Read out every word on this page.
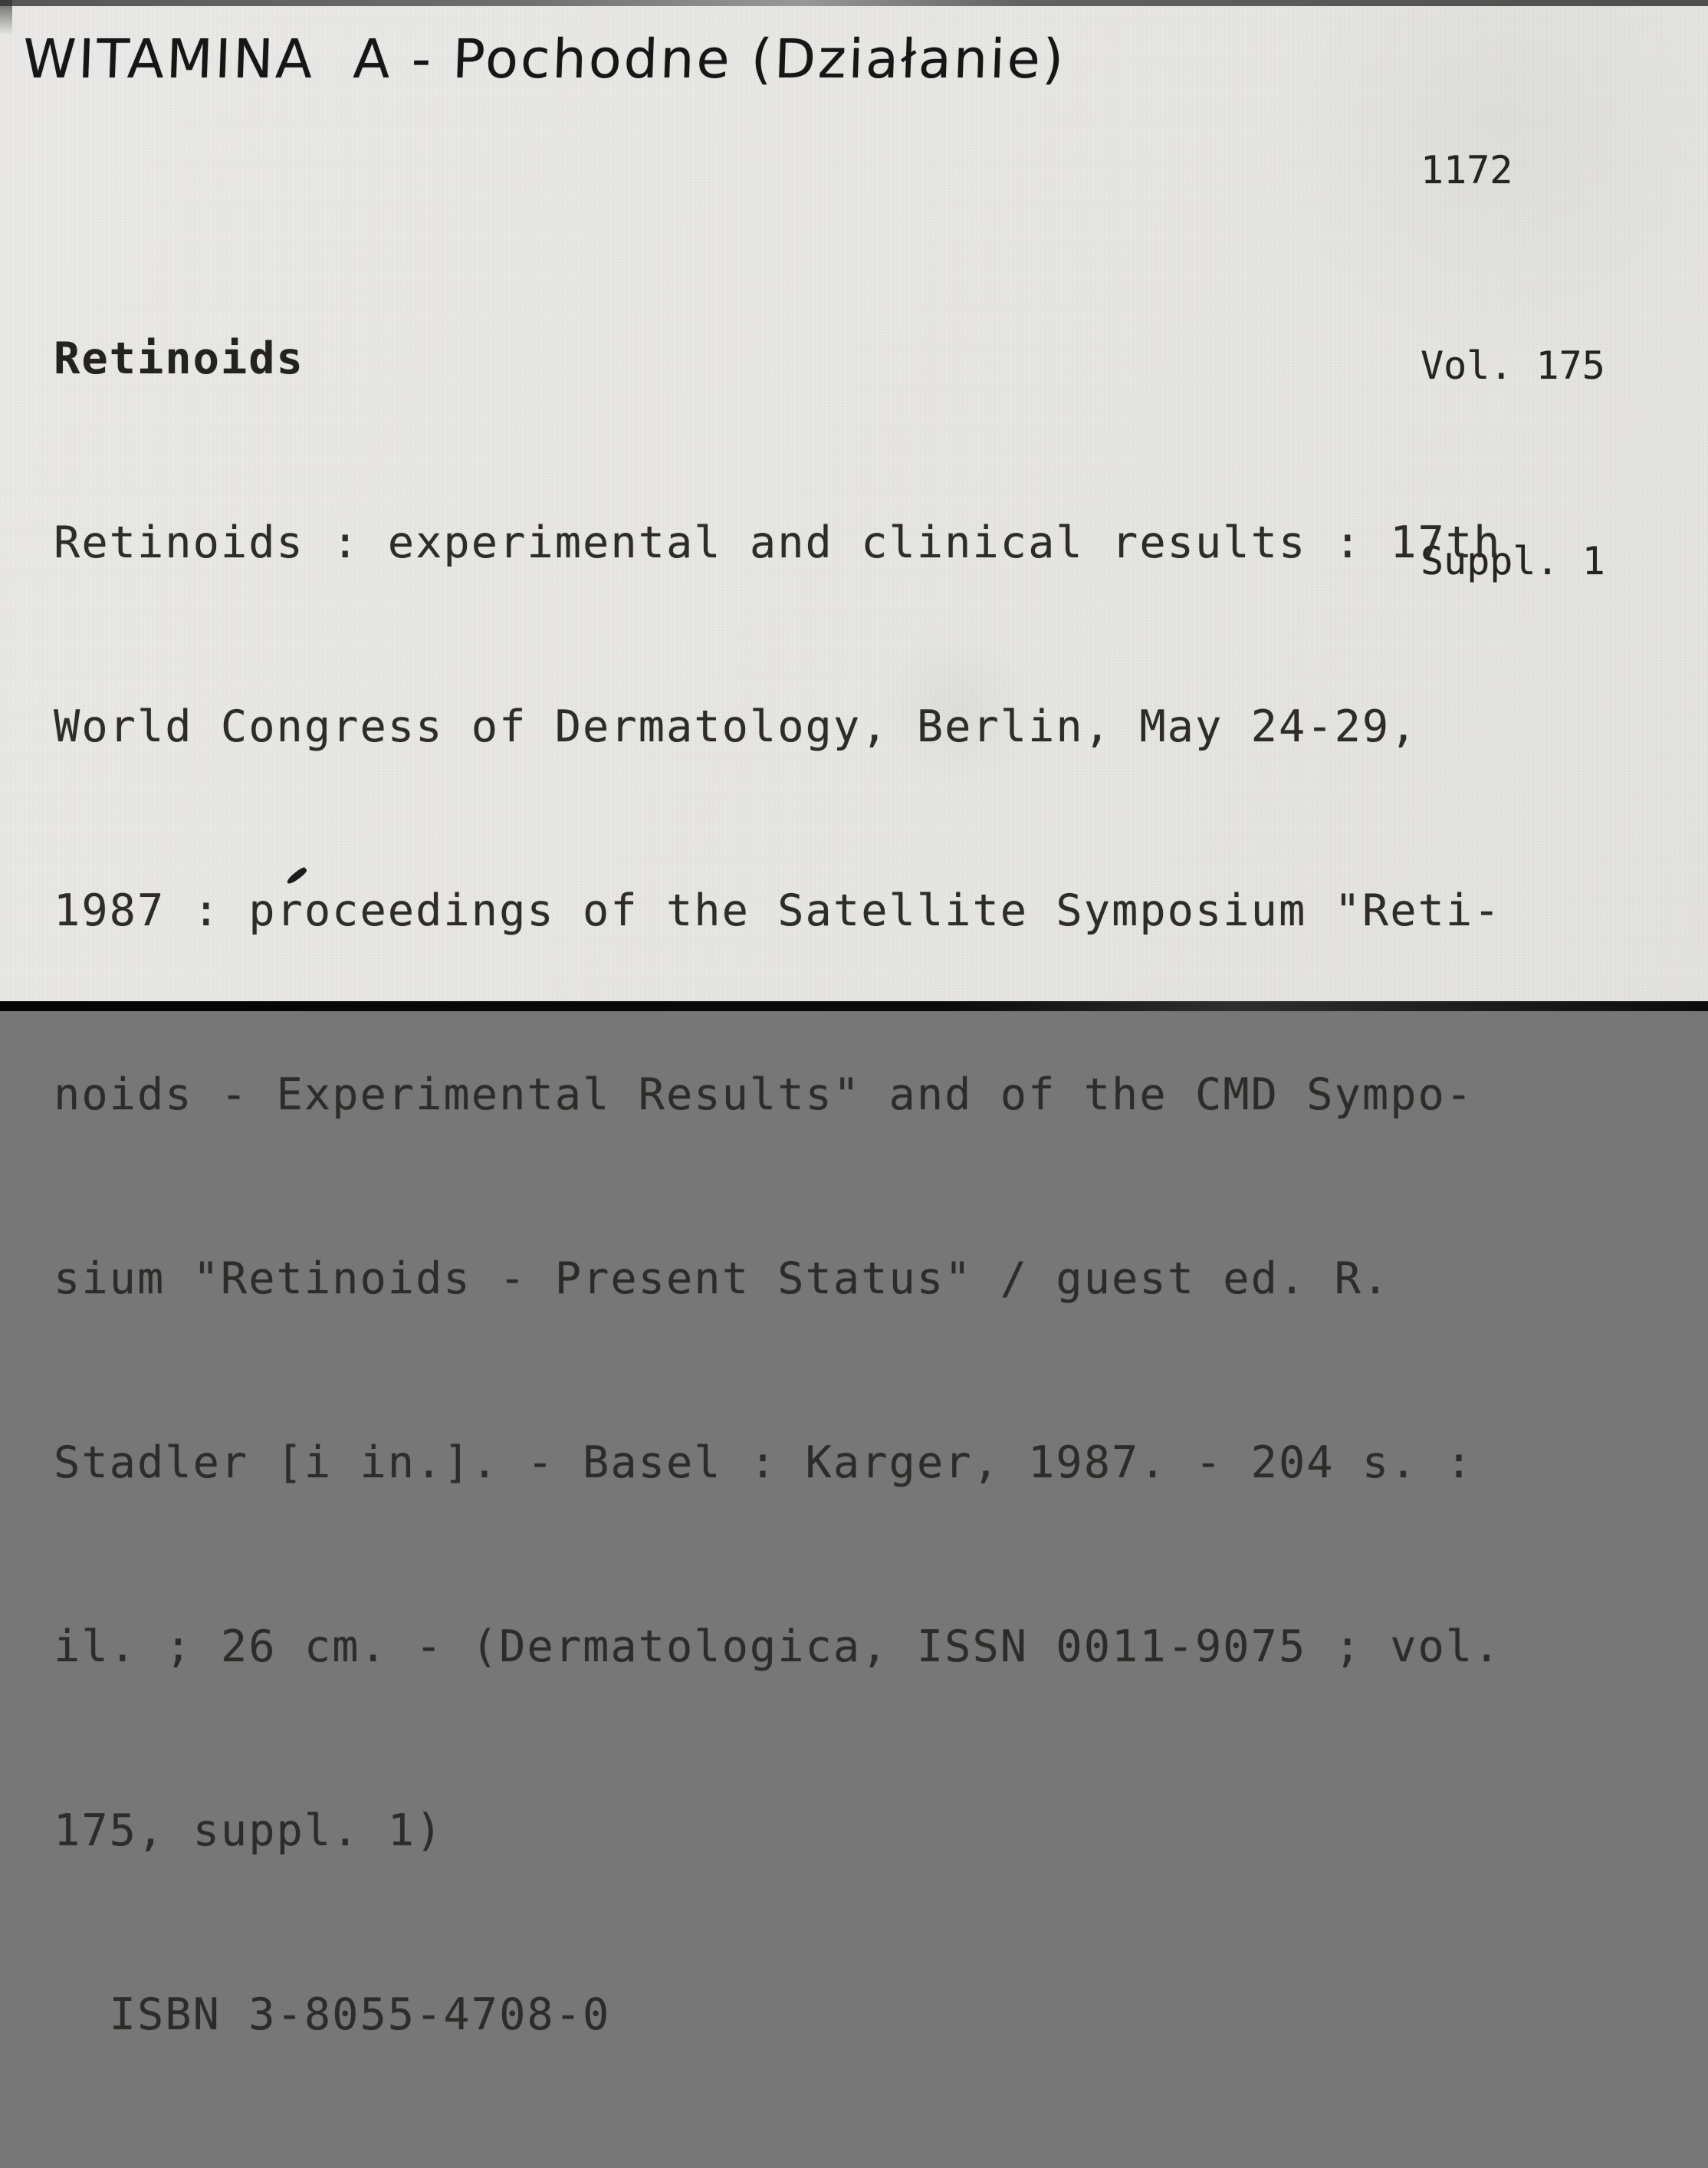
WITAMINA  A - Pochodne (Działanie)

1172

Vol. 175

Suppl. 1

Retinoids

Retinoids : experimental and clinical results : 17th

World Congress of Dermatology, Berlin, May 24-29,

1987 : proceedings of the Satellite Symposium "Reti-

noids - Experimental Results" and of the CMD Sympo-

sium "Retinoids - Present Status" / guest ed. R.

Stadler [i in.]. - Basel : Karger, 1987. - 204 s. :

il. ; 26 cm. - (Dermatologica, ISSN 0011-9075 ; vol.

175, suppl. 1)

ISBN 3-8055-4708-0
